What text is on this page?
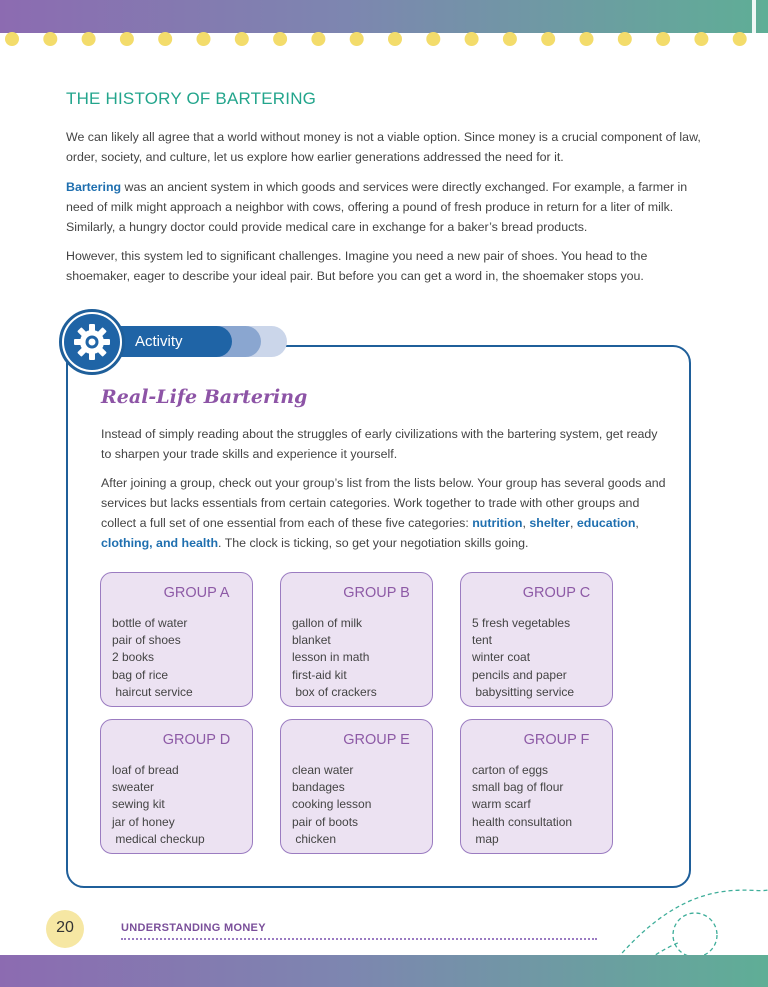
THE HISTORY OF BARTERING

We can likely all agree that a world without money is not a viable option. Since money is a crucial component of law, order, society, and culture, let us explore how earlier generations addressed the need for it.

Bartering was an ancient system in which goods and services were directly exchanged. For example, a farmer in need of milk might approach a neighbor with cows, offering a pound of fresh produce in return for a liter of milk. Similarly, a hungry doctor could provide medical care in exchange for a baker’s bread products.

However, this system led to significant challenges. Imagine you need a new pair of shoes. You head to the shoemaker, eager to describe your ideal pair. But before you can get a word in, the shoemaker stops you.

Activity
Real-Life Bartering

Instead of simply reading about the struggles of early civilizations with the bartering system, get ready to sharpen your trade skills and experience it yourself.

After joining a group, check out your group’s list from the lists below. Your group has several goods and services but lacks essentials from certain categories. Work together to trade with other groups and collect a full set of one essential from each of these five categories: nutrition, shelter, education, clothing, and health. The clock is ticking, so get your negotiation skills going.

GROUP A
bottle of water
pair of shoes
2 books
bag of rice
haircut service
GROUP B
gallon of milk
blanket
lesson in math
first-aid kit
box of crackers
GROUP C
5 fresh vegetables
tent
winter coat
pencils and paper
babysitting service
GROUP D
loaf of bread
sweater
sewing kit
jar of honey
medical checkup
GROUP E
clean water
bandages
cooking lesson
pair of boots
chicken
GROUP F
carton of eggs
small bag of flour
warm scarf
health consultation
map
20	UNDERSTANDING MONEY
